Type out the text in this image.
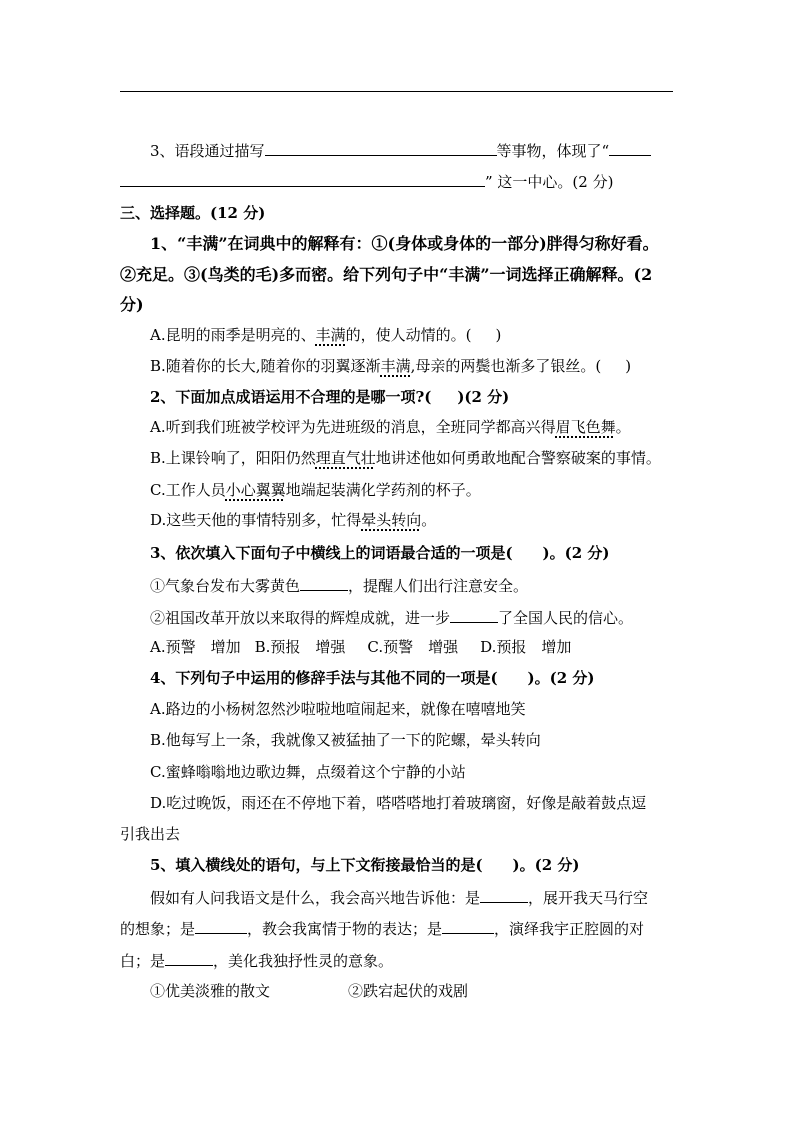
3、语段通过描写	等事物，体现了“
” 这一中心。(2 分)
三、选择题。(12 分)
1、“丰满”在词典中的解释有：①(身体或身体的一部分)胖得匀称好看。
②充足。③(鸟类的毛)多而密。给下列句子中“丰满”一词选择正确解释。(2
分)
A.昆明的雨季是明亮的、丰满的，使人动情的。( )
B.随着你的长大,随着你的羽翼逐渐丰满,母亲的两鬓也渐多了银丝。( )
2、下面加点成语运用不合理的是哪一项?( )(2 分)
A.听到我们班被学校评为先进班级的消息，全班同学都高兴得眉飞色舞。
B.上课铃响了，阳阳仍然理直气壮地讲述他如何勇敢地配合警察破案的事情。
C.工作人员小心翼翼地端起装满化学药剂的杯子。
D.这些天他的事情特别多，忙得晕头转向。
3、依次填入下面句子中横线上的词语最合适的一项是(　　)。(2 分)
①气象台发布大雾黄色	，提醒人们出行注意安全。
②祖国改革开放以来取得的辉煌成就，进一步	了全国人民的信心。
A.预警　增加 B.预报　增强 C.预警　增强 D.预报　增加
4、下列句子中运用的修辞手法与其他不同的一项是(　　)。(2 分)
A.路边的小杨树忽然沙啦啦地喧闹起来，就像在嘻嘻地笑
B.他每写上一条，我就像又被猛抽了一下的陀螺，晕头转向
C.蜜蜂嗡嗡地边歌边舞，点缀着这个宁静的小站
D.吃过晚饭，雨还在不停地下着，嗒嗒嗒地打着玻璃窗，好像是敲着鼓点逗
引我出去
5、填入横线处的语句，与上下文衔接最恰当的是(　　)。(2 分)
假如有人问我语文是什么，我会高兴地告诉他：是	，展开我天马行空
的想象；是	，教会我寓情于物的表达；是	，演绎我宇正腔圆的对
白；是	，美化我独抒性灵的意象。
①优美淡雅的散文	②跌宕起伏的戏剧
